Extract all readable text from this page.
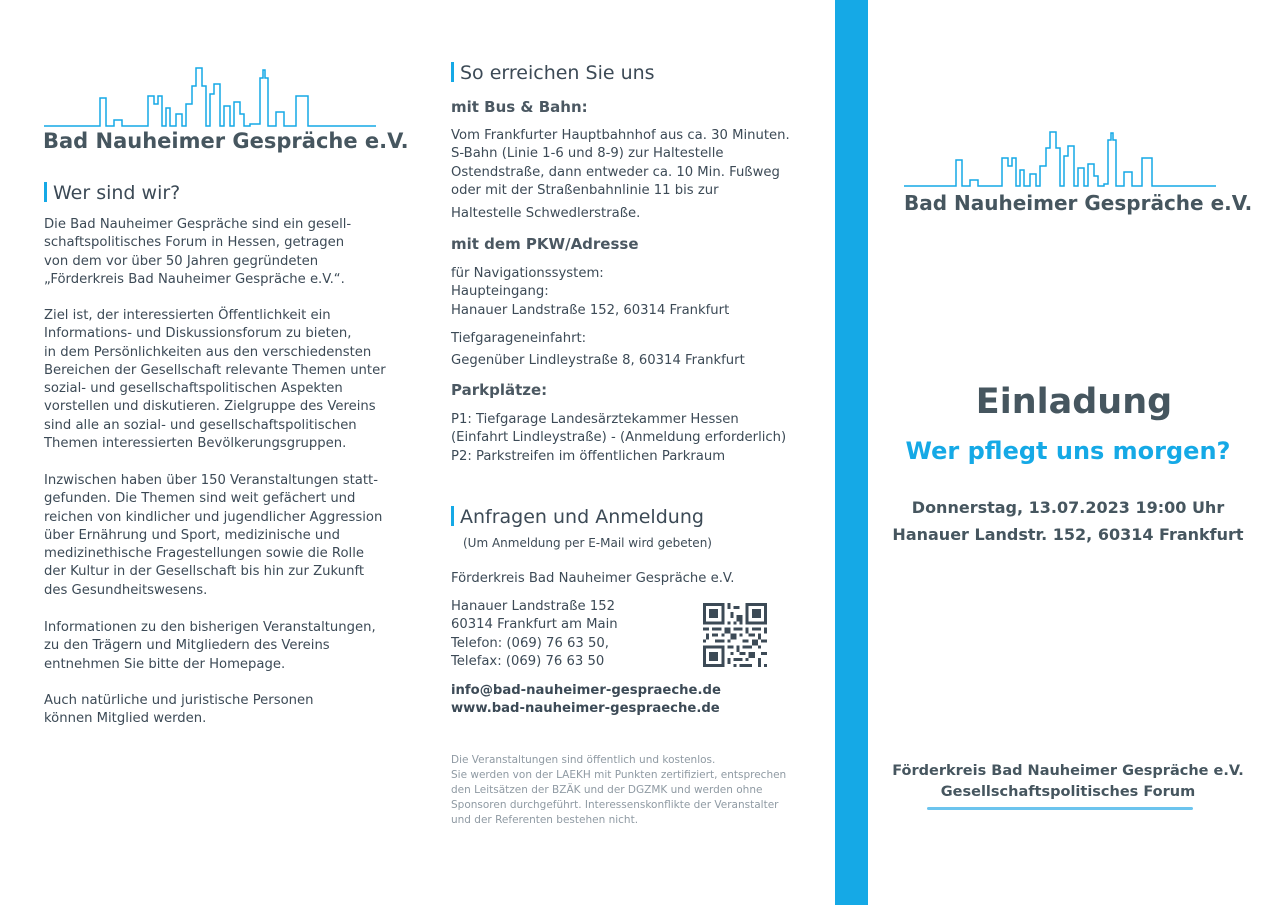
Bad Nauheimer Gespräche e.V.
Wer sind wir?
Die Bad Nauheimer Gespräche sind ein gesell-
schaftspolitisches Forum in Hessen, getragen
von dem vor über 50 Jahren gegründeten
„Förderkreis Bad Nauheimer Gespräche e.V.“.
Ziel ist, der interessierten Öffentlichkeit ein
Informations- und Diskussionsforum zu bieten,
in dem Persönlichkeiten aus den verschiedensten
Bereichen der Gesellschaft relevante Themen unter
sozial- und gesellschaftspolitischen Aspekten
vorstellen und diskutieren. Zielgruppe des Vereins
sind alle an sozial- und gesellschaftspolitischen
Themen interessierten Bevölkerungsgruppen.
Inzwischen haben über 150 Veranstaltungen statt-
gefunden. Die Themen sind weit gefächert und
reichen von kindlicher und jugendlicher Aggression
über Ernährung und Sport, medizinische und
medizinethische Fragestellungen sowie die Rolle
der Kultur in der Gesellschaft bis hin zur Zukunft
des Gesundheitswesens.
Informationen zu den bisherigen Veranstaltungen,
zu den Trägern und Mitgliedern des Vereins
entnehmen Sie bitte der Homepage.
Auch natürliche und juristische Personen
können Mitglied werden.
So erreichen Sie uns
mit Bus & Bahn:
Vom Frankfurter Hauptbahnhof aus ca. 30 Minuten.
S-Bahn (Linie 1-6 und 8-9) zur Haltestelle
Ostendstraße, dann entweder ca. 10 Min. Fußweg
oder mit der Straßenbahnlinie 11 bis zur
Haltestelle Schwedlerstraße.
mit dem PKW/Adresse
für Navigationssystem:
Haupteingang:
Hanauer Landstraße 152, 60314 Frankfurt
Tiefgarageneinfahrt:
Gegenüber Lindleystraße 8, 60314 Frankfurt
Parkplätze:
P1: Tiefgarage Landesärztekammer Hessen
(Einfahrt Lindleystraße) - (Anmeldung erforderlich)
P2: Parkstreifen im öffentlichen Parkraum
Anfragen und Anmeldung
(Um Anmeldung per E-Mail wird gebeten)
Förderkreis Bad Nauheimer Gespräche e.V.
Hanauer Landstraße 152
60314 Frankfurt am Main
Telefon: (069) 76 63 50,
Telefax: (069) 76 63 50
info@bad-nauheimer-gespraeche.de
www.bad-nauheimer-gespraeche.de
Die Veranstaltungen sind öffentlich und kostenlos.
Sie werden von der LAEKH mit Punkten zertifiziert, entsprechen
den Leitsätzen der BZÄK und der DGZMK und werden ohne
Sponsoren durchgeführt. Interessenskonflikte der Veranstalter
und der Referenten bestehen nicht.
Bad Nauheimer Gespräche e.V.
Einladung
Wer pflegt uns morgen?
Donnerstag, 13.07.2023 19:00 Uhr
Hanauer Landstr. 152, 60314 Frankfurt
Förderkreis Bad Nauheimer Gespräche e.V.
Gesellschaftspolitisches Forum
